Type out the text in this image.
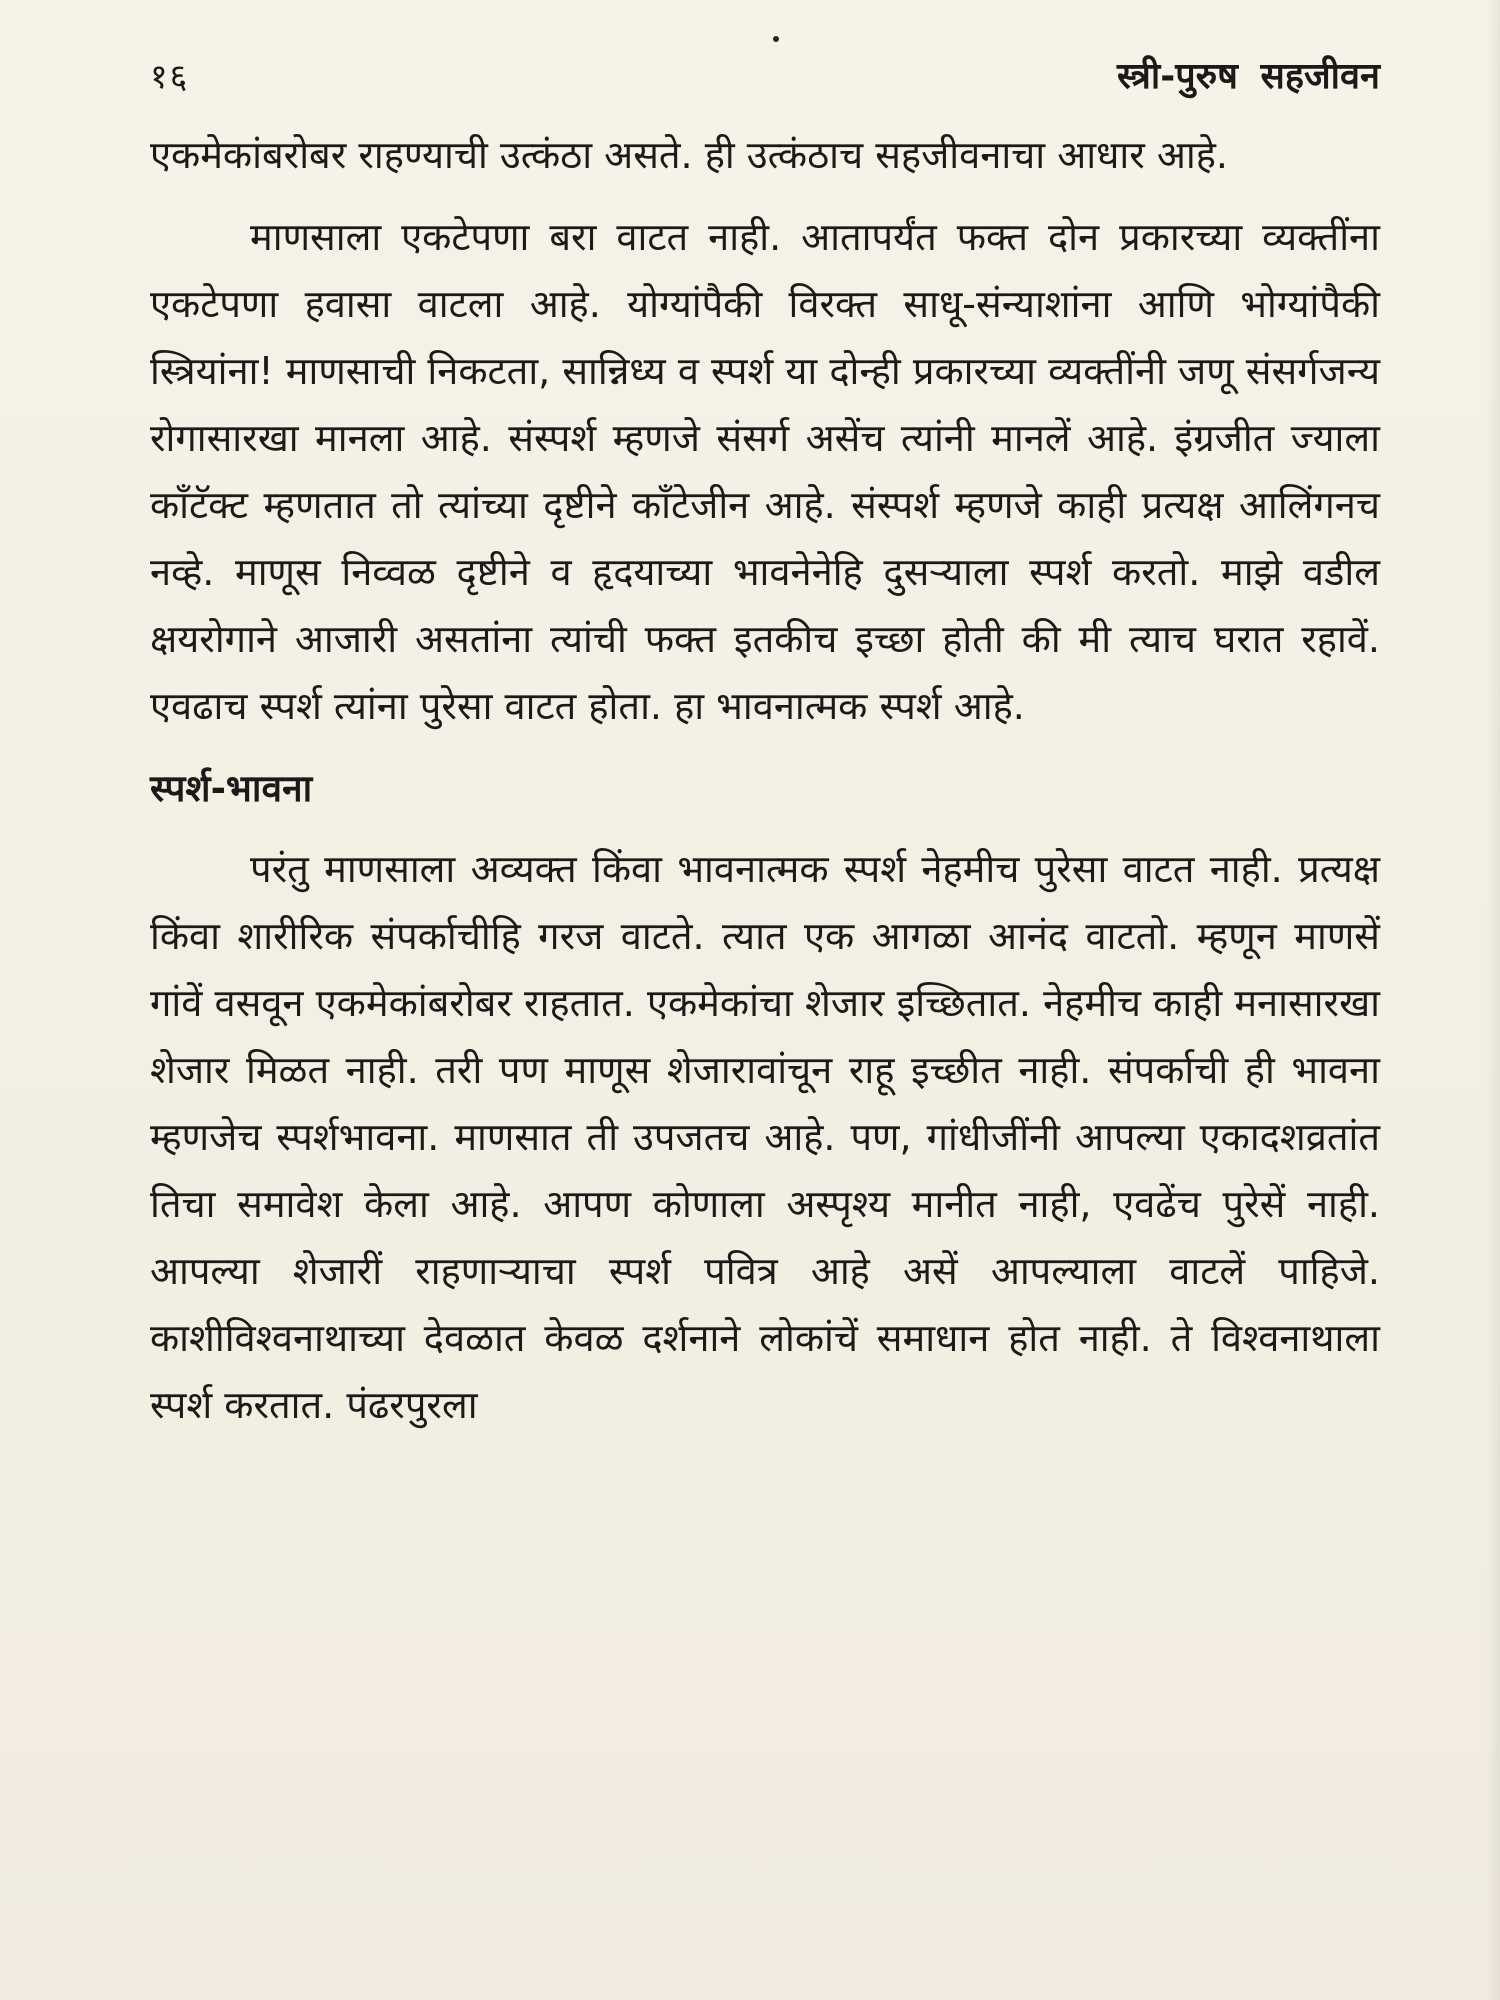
१६	स्त्री-पुरुष सहजीवन

एकमेकांबरोबर राहण्याची उत्कंठा असते. ही उत्कंठाच सहजीवनाचा आधार आहे.

माणसाला एकटेपणा बरा वाटत नाही. आतापर्यंत फक्त दोन प्रकारच्या व्यक्तींना एकटेपणा हवासा वाटला आहे. योग्यांपैकी विरक्त साधू-संन्याशांना आणि भोग्यांपैकी स्त्रियांना! माणसाची निकटता, सान्निध्य व स्पर्श या दोन्ही प्रकारच्या व्यक्तींनी जणू संसर्गजन्य रोगासारखा मानला आहे. संस्पर्श म्हणजे संसर्ग असेंच त्यांनी मानलें आहे. इंग्रजीत ज्याला कॉंटॅक्ट म्हणतात तो त्यांच्या दृष्टीने कॉंटेजीन आहे. संस्पर्श म्हणजे काही प्रत्यक्ष आलिंगनच नव्हे. माणूस निव्वळ दृष्टीने व हृदयाच्या भावनेनेहि दुसऱ्याला स्पर्श करतो. माझे वडील क्षयरोगाने आजारी असतांना त्यांची फक्त इतकीच इच्छा होती की मी त्याच घरात रहावें. एवढाच स्पर्श त्यांना पुरेसा वाटत होता. हा भावनात्मक स्पर्श आहे.

स्पर्श-भावना

परंतु माणसाला अव्यक्त किंवा भावनात्मक स्पर्श नेहमीच पुरेसा वाटत नाही. प्रत्यक्ष किंवा शारीरिक संपर्काचीहि गरज वाटते. त्यात एक आगळा आनंद वाटतो. म्हणून माणसें गांवें वसवून एकमेकांबरोबर राहतात. एकमेकांचा शेजार इच्छितात. नेहमीच काही मनासारखा शेजार मिळत नाही. तरी पण माणूस शेजारावांचून राहू इच्छीत नाही. संपर्काची ही भावना म्हणजेच स्पर्शभावना. माणसात ती उपजतच आहे. पण, गांधीजींनी आपल्या एकादशव्रतांत तिचा समावेश केला आहे. आपण कोणाला अस्पृश्य मानीत नाही, एवढेंच पुरेसें नाही. आपल्या शेजारीं राहणाऱ्याचा स्पर्श पवित्र आहे असें आपल्याला वाटलें पाहिजे. काशीविश्वनाथाच्या देवळात केवळ दर्शनाने लोकांचें समाधान होत नाही. ते विश्वनाथाला स्पर्श करतात. पंढरपुरला
